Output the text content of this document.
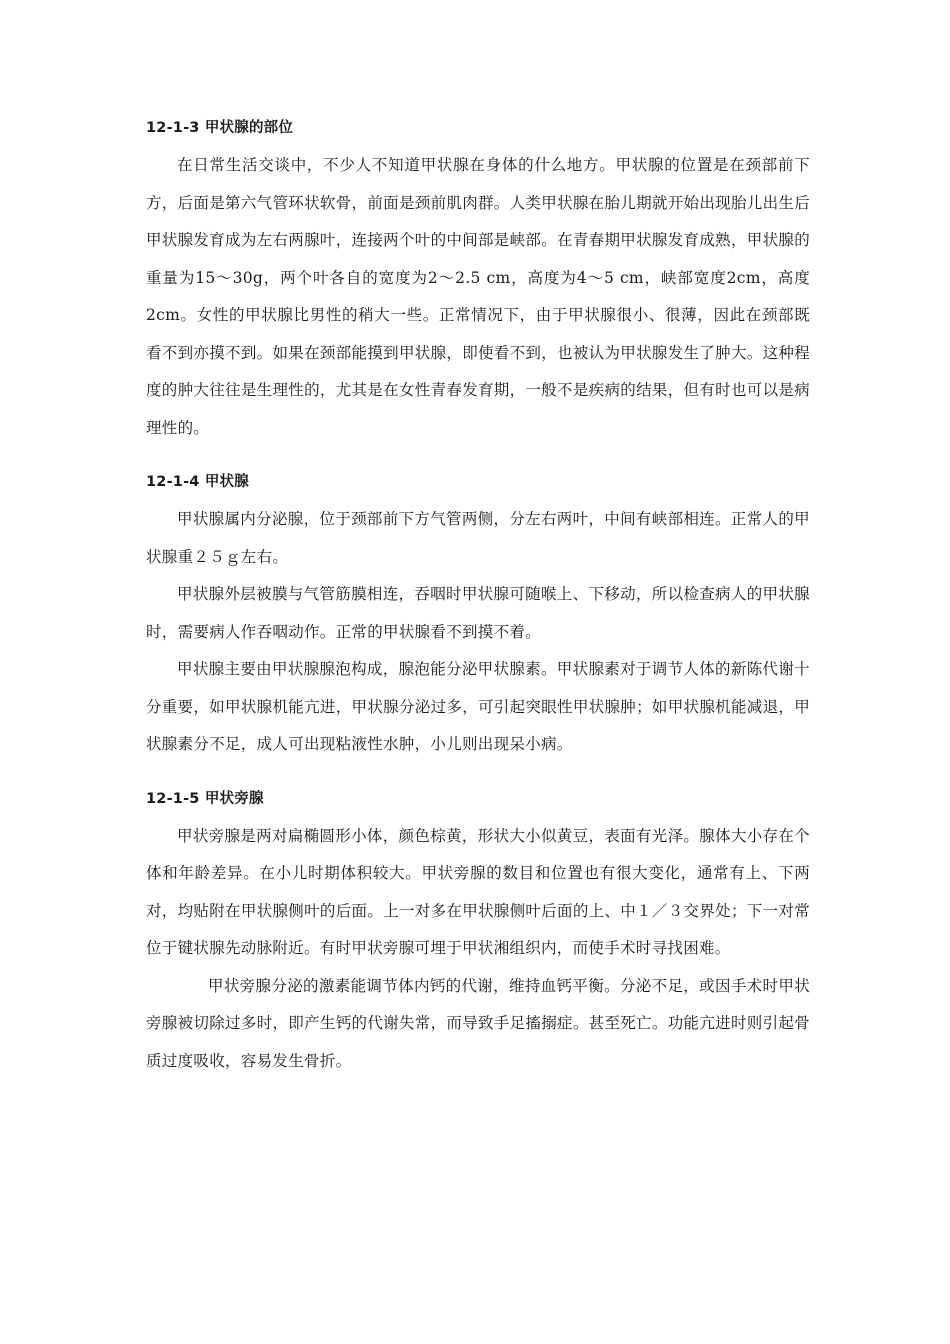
12-1-3 甲状腺的部位

在日常生活交谈中，不少人不知道甲状腺在身体的什么地方。甲状腺的位置是在颈部前下方，后面是第六气管环状软骨，前面是颈前肌肉群。人类甲状腺在胎儿期就开始出现胎儿出生后甲状腺发育成为左右两腺叶，连接两个叶的中间部是峡部。在青春期甲状腺发育成熟，甲状腺的重量为15～30g，两个叶各自的宽度为2～2.5 cm，高度为4～5 cm，峡部宽度2cm，高度2cm。女性的甲状腺比男性的稍大一些。正常情况下，由于甲状腺很小、很薄，因此在颈部既看不到亦摸不到。如果在颈部能摸到甲状腺，即使看不到，也被认为甲状腺发生了肿大。这种程度的肿大往往是生理性的，尤其是在女性青春发育期，一般不是疾病的结果，但有时也可以是病理性的。

12-1-4 甲状腺

甲状腺属内分泌腺，位于颈部前下方气管两侧，分左右两叶，中间有峡部相连。正常人的甲状腺重２５ｇ左右。

甲状腺外层被膜与气管筋膜相连，吞咽时甲状腺可随喉上、下移动，所以检查病人的甲状腺时，需要病人作吞咽动作。正常的甲状腺看不到摸不着。

甲状腺主要由甲状腺腺泡构成，腺泡能分泌甲状腺素。甲状腺素对于调节人体的新陈代谢十分重要，如甲状腺机能亢进，甲状腺分泌过多，可引起突眼性甲状腺肿；如甲状腺机能减退，甲状腺素分不足，成人可出现粘液性水肿，小儿则出现呆小病。

12-1-5 甲状旁腺

甲状旁腺是两对扁椭圆形小体，颜色棕黄，形状大小似黄豆，表面有光泽。腺体大小存在个体和年龄差异。在小儿时期体积较大。甲状旁腺的数目和位置也有很大变化，通常有上、下两对，均贴附在甲状腺侧叶的后面。上一对多在甲状腺侧叶后面的上、中１／３交界处；下一对常位于键状腺先动脉附近。有时甲状旁腺可埋于甲状湘组织内，而使手术时寻找困难。

甲状旁腺分泌的激素能调节体内钙的代谢，维持血钙平衡。分泌不足，或因手术时甲状旁腺被切除过多时，即产生钙的代谢失常，而导致手足搐搦症。甚至死亡。功能亢进时则引起骨质过度吸收，容易发生骨折。
